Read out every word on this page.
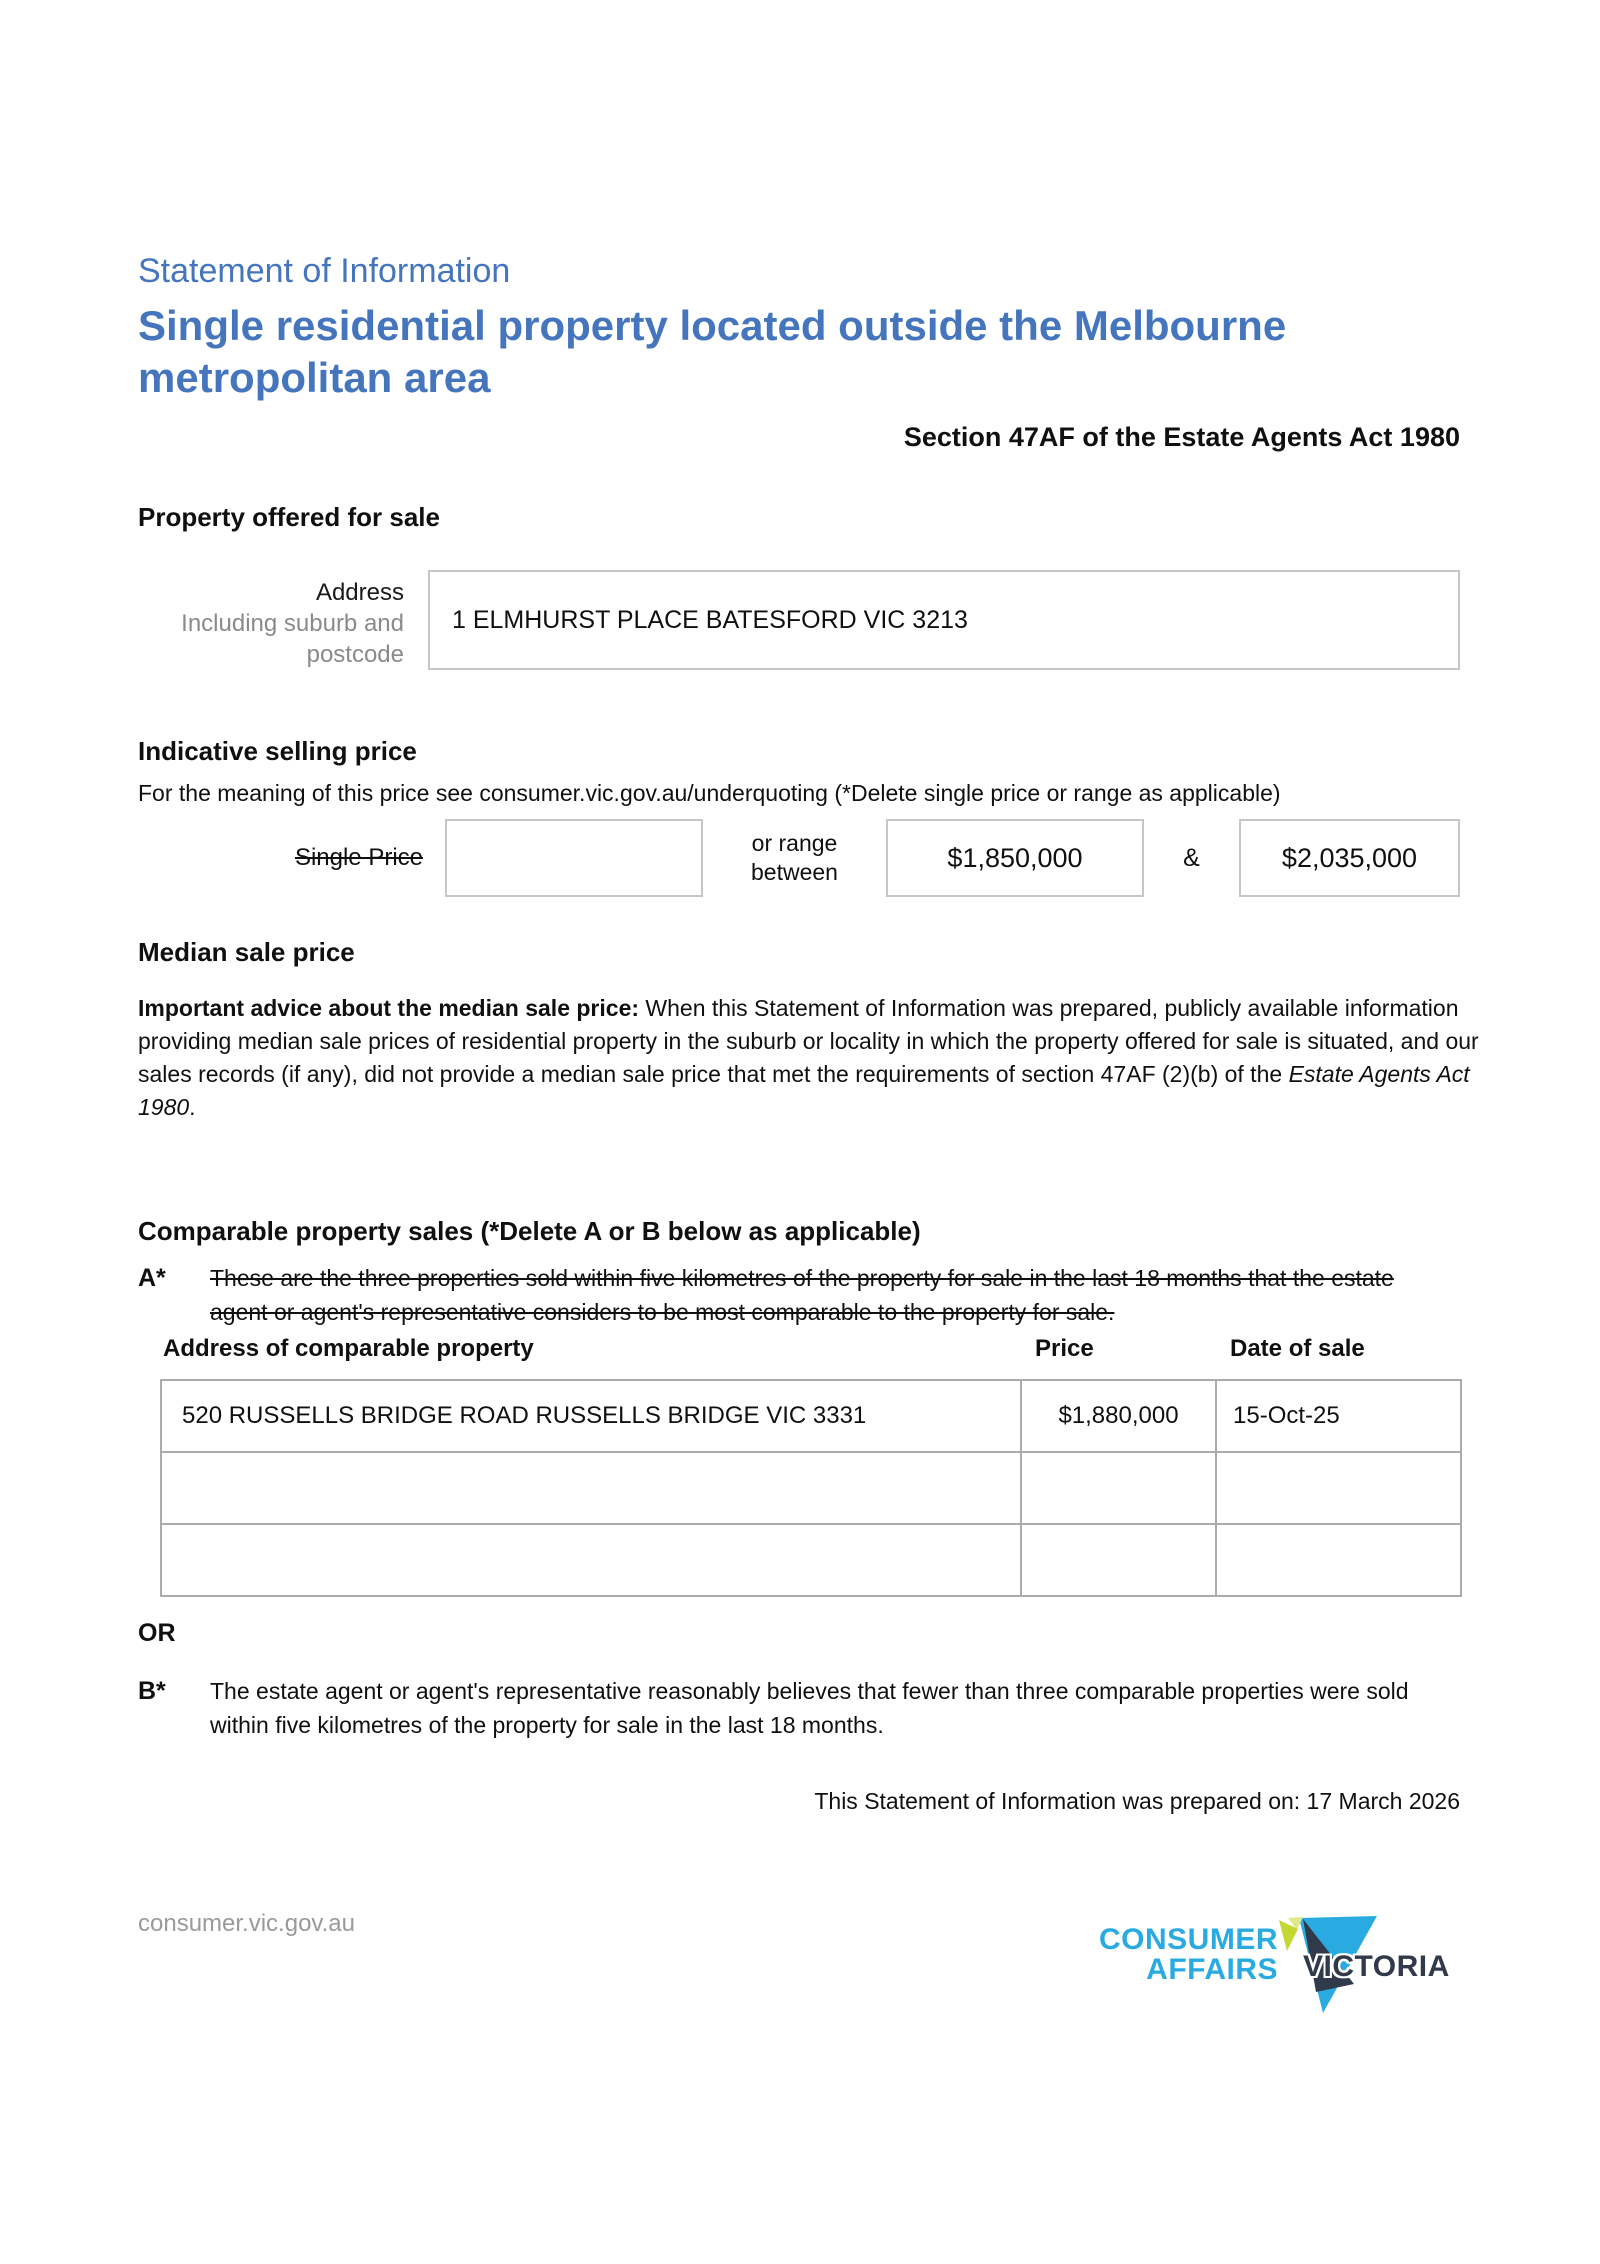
Statement of Information
Single residential property located outside the Melbourne metropolitan area
Section 47AF of the Estate Agents Act 1980
Property offered for sale
Address
Including suburb and postcode
1 ELMHURST PLACE BATESFORD VIC 3213
Indicative selling price
For the meaning of this price see consumer.vic.gov.au/underquoting (*Delete single price or range as applicable)
Single Price
or range
between	$1,850,000	&	$2,035,000
Median sale price
Important advice about the median sale price: When this Statement of Information was prepared, publicly available information providing median sale prices of residential property in the suburb or locality in which the property offered for sale is situated, and our sales records (if any), did not provide a median sale price that met the requirements of section 47AF (2)(b) of the Estate Agents Act 1980.
Comparable property sales (*Delete A or B below as applicable)
A*	These are the three properties sold within five kilometres of the property for sale in the last 18 months that the estate agent or agent's representative considers to be most comparable to the property for sale.
Address of comparable property	Price	Date of sale
520 RUSSELLS BRIDGE ROAD RUSSELLS BRIDGE VIC 3331	$1,880,000	15-Oct-25

OR
B*	The estate agent or agent's representative reasonably believes that fewer than three comparable properties were sold within five kilometres of the property for sale in the last 18 months.
This Statement of Information was prepared on: 17 March 2026
consumer.vic.gov.au	CONSUMER
AFFAIRS VICTORIA
